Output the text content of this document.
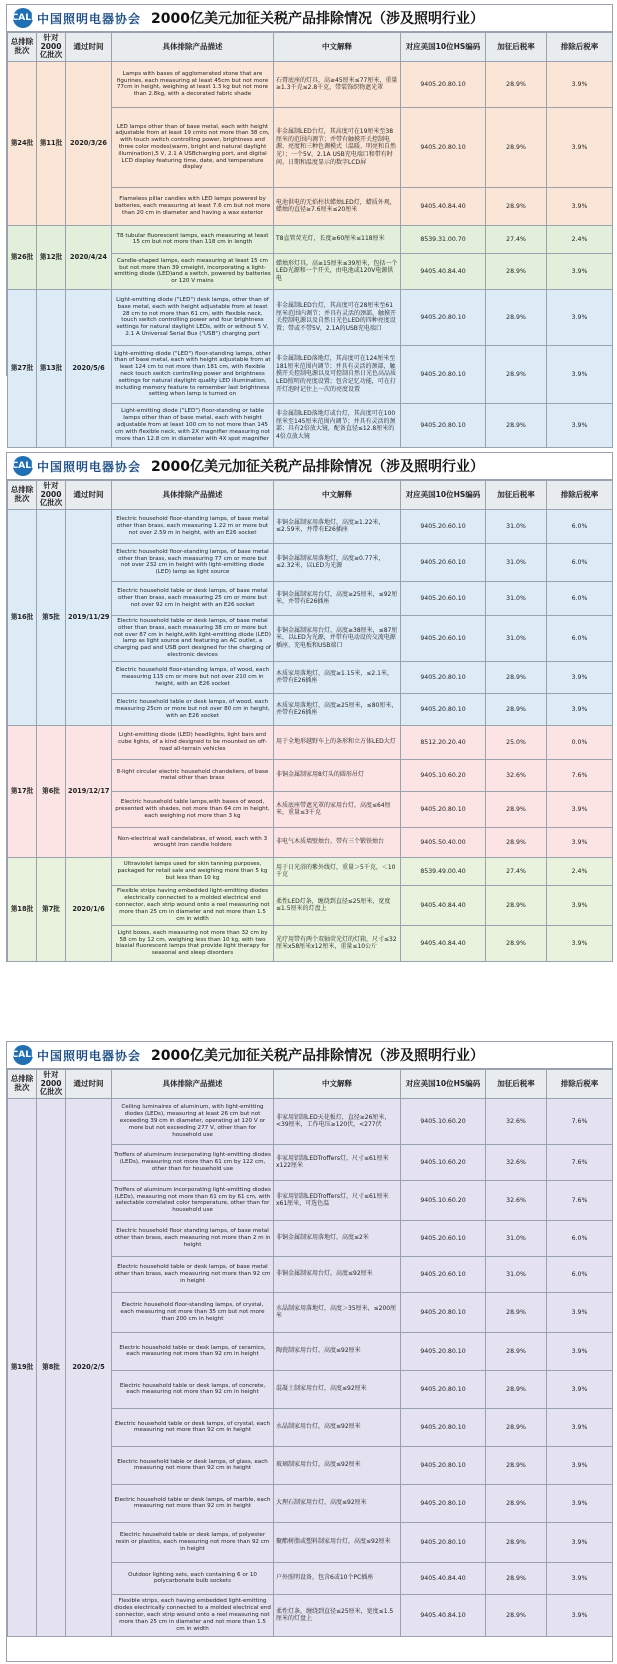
CALI 中国照明电器协会 2000亿美元加征关税产品排除情况（涉及照明行业）
总排除批次	针对2000亿批次	通过时间	具体排除产品描述	中文解释	对应美国10位HS编码	加征后税率	排除后税率
第24批	第11批	2020/3/26	Lamps with bases of agglomerated stone that are figurines, each measuring at least 45cm but not more 77cm in height, weighing at least 1.3 kg but not more than 2.8kg, with a decorated fabric shade	石膏底座的灯具，高≥45厘米≤77厘米，重量≥1.3千克≤2.8千克，带装饰织物遮光罩	9405.20.80.10	28.9%	3.9%
			LED lamps other than of base metal, each with height adjustable from at least 19 cmto not more than 38 cm, with touch switch controlling power, brightness and three color modes(warm, bright and natural daylight illumination),5 V, 2.1 A USBcharging port, and digital LCD display featuring time, date, and temperature display	非金属制LED台灯，其高度可在19厘米至38厘米的范围内调节；并带有触摸开关控制电源、亮度和三种色调模式（温暖、明亮和自然光）；一个5V、2.1A USB充电端口和带有时间、日期和温度显示的数字LCD屏	9405.20.80.10	28.9%	3.9%
			Flameless pillar candles with LED lamps powered by batteries, each measuring at least 7.6 cm but not more than 20 cm in diameter and having a wax exterior	电池供电的无焰柱状蜡烛LED灯，蜡质外观，蜡烛的直径≥7.6厘米≤20厘米	9405.40.84.40	28.9%	3.9%
第26批	第12批	2020/4/24	T8 tubular fluorescent lamps, each measuring at least 15 cm but not more than 118 cm in length	T8直管荧光灯，长度≥60厘米≤118厘米	8539.31.00.70	27.4%	2.4%
			Candle-shaped lamps, each measuring at least 15 cm but not more than 39 cmeight, incorporating a light-emitting diode (LED)and a switch, powered by batteries or 120 V mains	蜡烛形灯具，高≥15厘米≤39厘米，包括一个LED光源和一个开关，由电池或120V电源供电	9405.40.84.40	28.9%	3.9%
第27批	第13批	2020/5/6	Light-emitting diode ("LED") desk lamps, other than of base metal, each with height adjustable from at least 28 cm to not more than 61 cm, with flexible neck, touch switch controlling power and four brightness settings for natural daylight LEDs, with or without 5 V, 2.1 A Universal Serial Bus ("USB") charging port	非金属制LED台灯，其高度可在28厘米至61厘米范围内调节；并具有灵活的颈部，触摸开关控制电源以及自然日光色LED的四种亮度设置；带或不带5V，2.1A的USB充电端口	9405.20.80.10	28.9%	3.9%
			Light-emitting diode ("LED") floor-standing lamps, other than of base metal, each with height adjustable from at least 124 cm to not more than 181 cm, with flexible neck touch switch controlling power and brightness settings for natural daylight quality LED illumination, including memory feature to remember last brightness setting when lamp is turned on	非金属制LED落地灯，其高度可在124厘米至181厘米范围内调节；并具有灵活的颈部，触摸开关控制电源以及可控制自然日光色高品质LED照明的亮度设置；包含记忆功能，可在打开灯泡时记住上一次的亮度设置	9405.20.80.10	28.9%	3.9%
			Light-emitting diode ("LED") floor-standing or table lamps other than of base metal, each with height adjustable from at least 100 cm to not more than 145 cm with flexible neck, with 2X magnifier measuring not more than 12.8 cm in diameter with 4X spot magnifier	非金属制LED落地灯或台灯，其高度可在100厘米至145厘米范围内调节；并具有灵活的颈部；具有2倍放大镜，配备直径≤12.8厘米的4倍点放大镜	9405.20.80.10	28.9%	3.9%
CALI 中国照明电器协会 2000亿美元加征关税产品排除情况（涉及照明行业）
总排除批次	针对2000亿批次	通过时间	具体排除产品描述	中文解释	对应美国10位HS编码	加征后税率	排除后税率
第16批	第5批	2019/11/29	Electric household floor-standing lamps, of base metal other than brass, each measuring 1.22 m or more but not over 2.59 m in height, with an E26 socket	非铜金属制家用落地灯，高度≥1.22米，≤2.59米，并带有E26插座	9405.20.60.10	31.0%	6.0%
			Electric household floor-standing lamps, of base metal other than brass, each measuring 77 cm or more but not over 232 cm in height with light-emitting diode (LED) lamp as light source	非铜金属制家用落地灯，高度≥0.77米，≤2.32米，以LED为光源	9405.20.60.10	31.0%	6.0%
			Electric household table or desk lamps, of base metal other than brass, each measuring 25 cm or more but not over 92 cm in height with an E26 socket	非铜金属制家用台灯，高度≥25厘米，≤92厘米，并带有E26插座	9405.20.60.10	31.0%	6.0%
			Electric household table or desk lamps, of base metal other than brass, each measuring 38 cm or more but not over 87 cm in height,with light-emitting diode (LED) lamp as light source and featuring an AC outlet, a charging pad and USB port designed for the charging of electronic devices	非铜金属制家用台灯，高度≥38厘米，≤87厘米，以LED为光源，并带有电动设的交流电源插座、充电板和USB端口	9405.20.60.10	31.0%	6.0%
			Electric household floor-standing lamps, of wood, each measuring 115 cm or more but not over 210 cm in height, with an E26 socket	木质家用落地灯，高度≥1.15米，≤2.1米，并带有E26插座	9405.20.80.10	28.9%	3.9%
			Electric household table or desk lamps, of wood, each measuring 25cm or more but not over 80 cm in height, with an E26 socket	木质家用落地灯，高度≥25厘米，≤80厘米，并带有E26插座	9405.20.80.10	28.9%	3.9%
第17批	第6批	2019/12/17	Light-emitting diode (LED) headlights, light bars and cube lights, of a kind designed to be mounted on off-road all-terrain vehicles	用于全地形越野车上的条形和立方体LED大灯	8512.20.20.40	25.0%	0.0%
			8-light circular electric household chandeliers, of base metal other than brass	非铜金属制家用8灯头的圆形吊灯	9405.10.60.20	32.6%	7.6%
			Electric household table lamps,with bases of wood, presented with shades, not more than 64 cm in height, each weighing not more than 3 kg	木质底座带遮光罩的家用台灯，高度≤64厘米，重量≤3千克	9405.20.80.10	28.9%	3.9%
			Non-electrical wall candelabras, of wood, each with 3 wrought iron candle holders	非电气木质墙壁烛台，带有三个锻铁烛台	9405.50.40.00	28.9%	3.9%
第18批	第7批	2020/1/6	Ultraviolet lamps used for skin tanning purposes, packaged for retail sale and weighing more than 5 kg but less than 10 kg	用于日光浴的紫外线灯，重量＞5千克，＜10千克	8539.49.00.40	27.4%	2.4%
			Flexible strips having embedded light-emitting diodes electrically connected to a molded electrical end connector, each strip wound onto a reel measuring not more than 25 cm in diameter and not more than 1.5 cm in width	柔性LED灯条，缠绕到直径≤25厘米，宽度≤1.5厘米的灯盘上	9405.40.84.40	28.9%	3.9%
			Light boxes, each measuring not more than 32 cm by 58 cm by 12 cm, weighing less than 10 kg, with two biaxial fluorescent lamps that provide light therapy for seasonal and sleep disorders	光疗用带有两个双轴荧光灯的灯箱，尺寸≤32厘米x58厘米x12厘米，重量≤10公斤	9405.40.84.40	28.9%	3.9%
CALI 中国照明电器协会 2000亿美元加征关税产品排除情况（涉及照明行业）
总排除批次	针对2000亿批次	通过时间	具体排除产品描述	中文解释	对应美国10位HS编码	加征后税率	排除后税率
第19批	第8批	2020/2/5	Ceiling luminaires of aluminum, with light-emitting diodes (LEDs), measuring at least 26 cm but not exceeding 39 cm in diameter, operating at 120 V or more but not exceeding 277 V, other than for household use	非家用铝制LED天花板灯，直径≥26厘米，<39厘米，工作电压≥120伏，<277伏	9405.10.60.20	32.6%	7.6%
			Troffers of aluminum incorporating light-emitting diodes (LEDs), measuring not more than 61 cm by 122 cm, other than for household use	非家用铝制LEDTroffers灯，尺寸≤61厘米x122厘米	9405.10.60.20	32.6%	7.6%
			Troffers of aluminum incorporating light-emitting diodes (LEDs), measuring not more than 61 cm by 61 cm, with selectable correlated color temperature, other than for household use	非家用铝制LEDTroffers灯，尺寸≤61厘米x61厘米，可选色温	9405.10.60.20	32.6%	7.6%
			Electric household floor standing lamps, of base metal other than brass, each measuring not more than 2 m in height	非铜金属制家用落地灯，高度≤2米	9405.20.60.10	31.0%	6.0%
			Electric household table or desk lamps, of base metal other than brass, each measuring not more than 92 cm in height	非铜金属制家用台灯，高度≤92厘米	9405.20.60.10	31.0%	6.0%
			Electric household floor-standing lamps, of crystal, each measuring not more than 35 cm but not more than 200 cm in height	水晶制家用落地灯，高度＞35厘米，≤200厘米	9405.20.80.10	28.9%	3.9%
			Electric household table or desk lamps, of ceramics, each measuring not more than 92 cm in height	陶瓷制家用台灯，高度≤92厘米	9405.20.80.10	28.9%	3.9%
			Electric household table or desk lamps, of concrete, each measuring not more than 92 cm in height	混凝土制家用台灯，高度≤92厘米	9405.20.80.10	28.9%	3.9%
			Electric household table or desk lamps, of crystal, each measuring not more than 92 cm in height	水晶制家用台灯，高度≤92厘米	9405.20.80.10	28.9%	3.9%
			Electric household table or desk lamps, of glass, each measuring not more than 92 cm in height	玻璃制家用台灯，高度≤92厘米	9405.20.80.10	28.9%	3.9%
			Electric household table or desk lamps, of marble, each measuring not more than 92 cm in height	大理石制家用台灯，高度≤92厘米	9405.20.80.10	28.9%	3.9%
			Electric household table or desk lamps, of polyester resin or plastics, each measuring not more than 92 cm in height	聚酯树脂或塑料制家用台灯，高度≤92厘米	9405.20.80.10	28.9%	3.9%
			Outdoor lighting sets, each containing 6 or 10 polycarbonate bulb sockets	户外照明设备，包含6或10个PC插座	9405.40.84.40	28.9%	3.9%
			Flexible strips, each having embedded light-emitting diodes electrically connected to a molded electrical end connector, each strip wound onto a reel measuring not more than 25 cm in diameter and not more than 1.5 cm in width	柔性灯条，缠绕到直径≤25厘米，宽度≤1.5厘米的灯盘上	9405.40.84.10	28.9%	3.9%
